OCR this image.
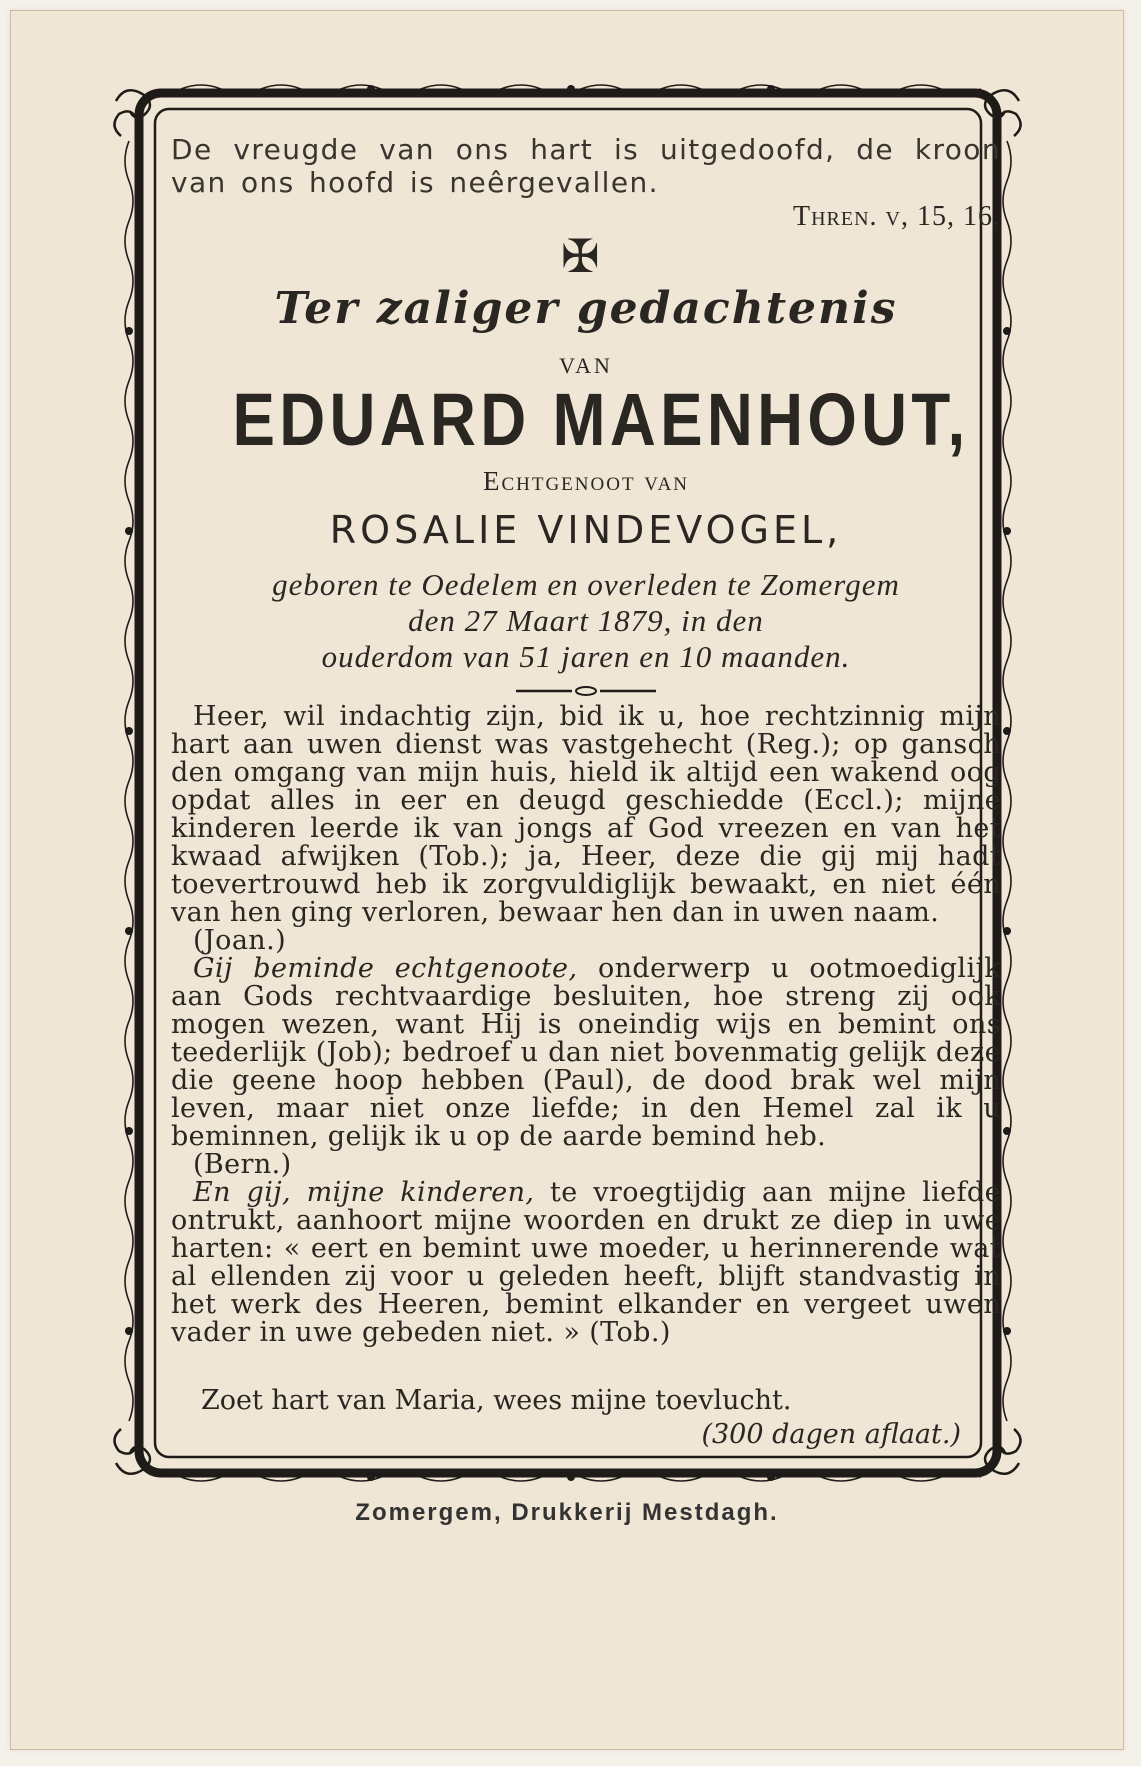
De vreugde van ons hart is uitgedoofd, de kroon van ons hoofd is neêrgevallen.
Thren. v, 15, 16.
✠
Ter zaliger gedachtenis
VAN
EDUARD MAENHOUT,
Echtgenoot van
ROSALIE VINDEVOGEL,
geboren te Oedelem en overleden te Zomergem
den 27 Maart 1879, in den
ouderdom van 51 jaren en 10 maanden.

Heer, wil indachtig zijn, bid ik u, hoe rechtzinnig mijn hart aan uwen dienst was vastgehecht (Reg.); op gansch den omgang van mijn huis, hield ik altijd een wakend oog opdat alles in eer en deugd geschiedde (Eccl.); mijne kinderen leerde ik van jongs af God vreezen en van het kwaad afwijken (Tob.); ja, Heer, deze die gij mij hadt toevertrouwd heb ik zorgvuldiglijk bewaakt, en niet één van hen ging verloren, bewaar hen dan in uwen naam.

(Joan.)

Gij beminde echtgenoote, onderwerp u ootmoediglijk aan Gods rechtvaardige besluiten, hoe streng zij ook mogen wezen, want Hij is oneindig wijs en bemint ons teederlijk (Job); bedroef u dan niet bovenmatig gelijk deze die geene hoop hebben (Paul), de dood brak wel mijn leven, maar niet onze liefde; in den Hemel zal ik u beminnen, gelijk ik u op de aarde bemind heb.

(Bern.)

En gij, mijne kinderen, te vroegtijdig aan mijne liefde ontrukt, aanhoort mijne woorden en drukt ze diep in uwe harten: « eert en bemint uwe moeder, u herinnerende wat al ellenden zij voor u geleden heeft, blijft standvastig in het werk des Heeren, bemint elkander en vergeet uwen vader in uwe gebeden niet. » (Tob.)

Zoet hart van Maria, wees mijne toevlucht.
(300 dagen aflaat.)
Zomergem, Drukkerij Mestdagh.
